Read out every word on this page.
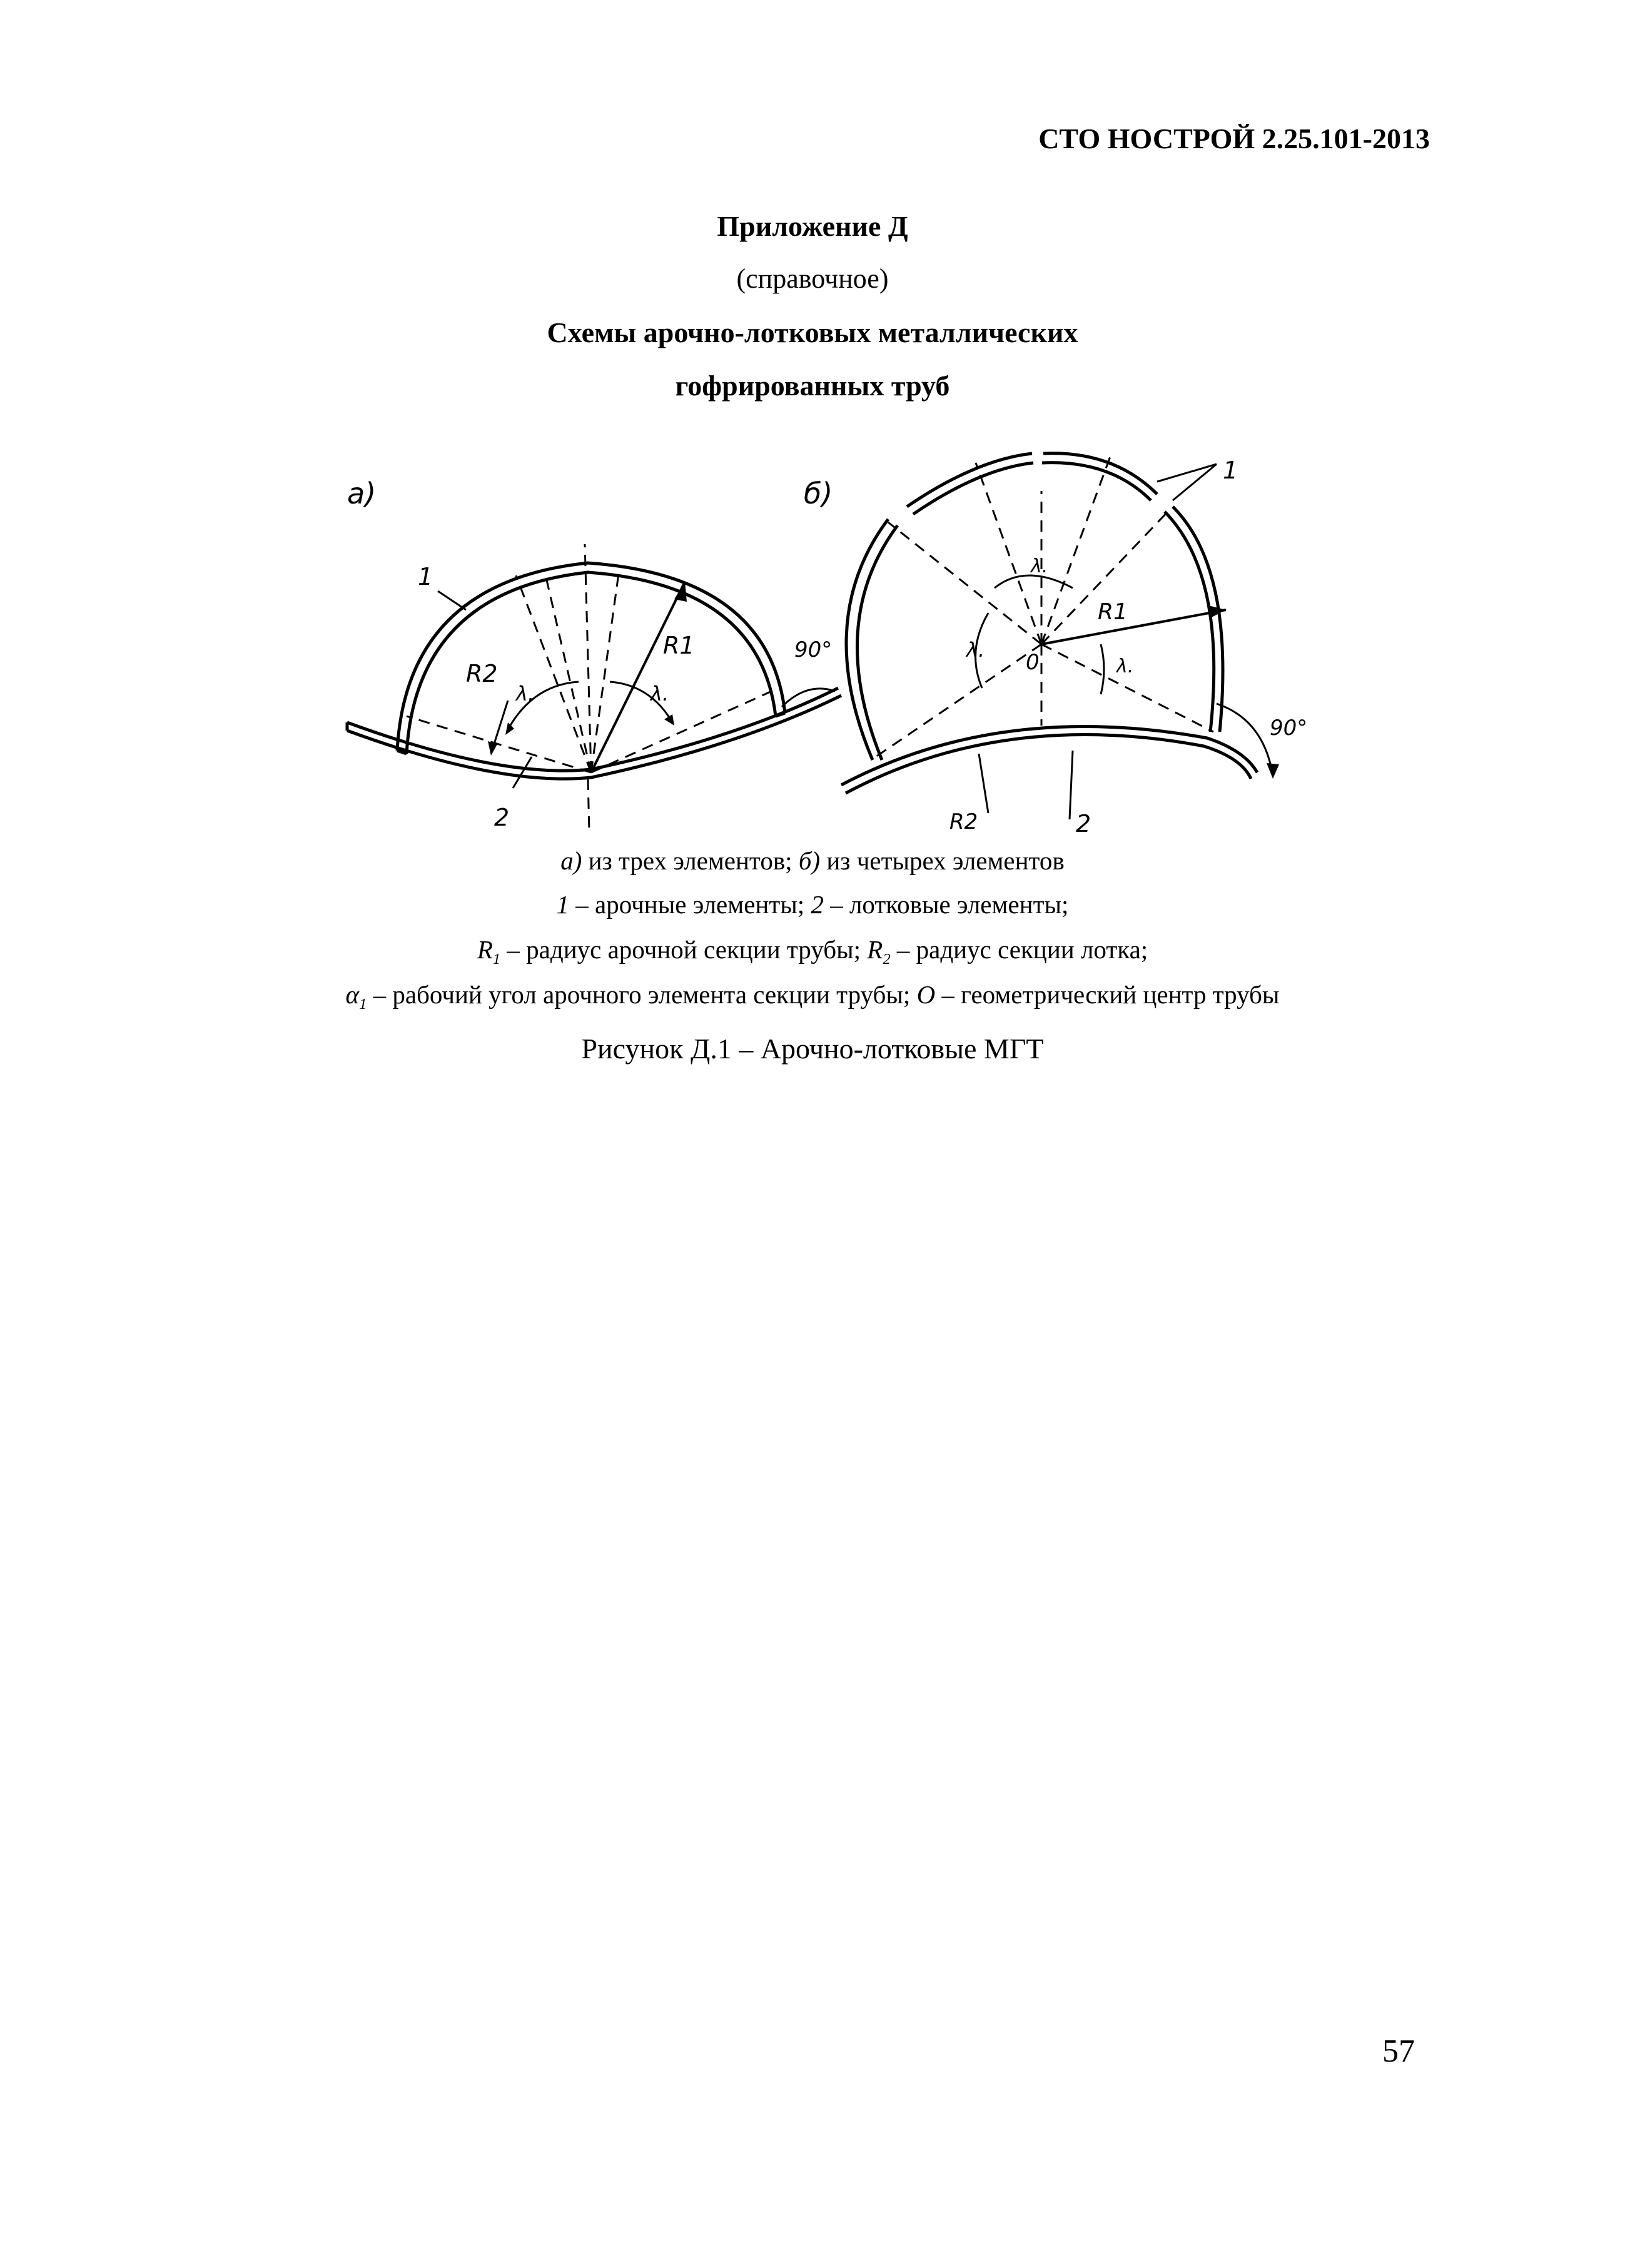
СТО НОСТРОЙ 2.25.101-2013
Приложение Д
(справочное)
Схемы арочно-лотковых металлических
гофрированных труб
a)	б)
1
2
R1
R2
λ.	λ.
90°
1
2
R1
R2
λ.
λ.
λ.
0
90°
а) из трех элементов; б) из четырех элементов
1 – арочные элементы; 2 – лотковые элементы;
$R_1$ – радиус арочной секции трубы; $R_2$ – радиус секции лотка;
$\alpha_1$ – рабочий угол арочного элемента секции трубы; О – геометрический центр трубы
Рисунок Д.1 – Арочно-лотковые МГТ
57
